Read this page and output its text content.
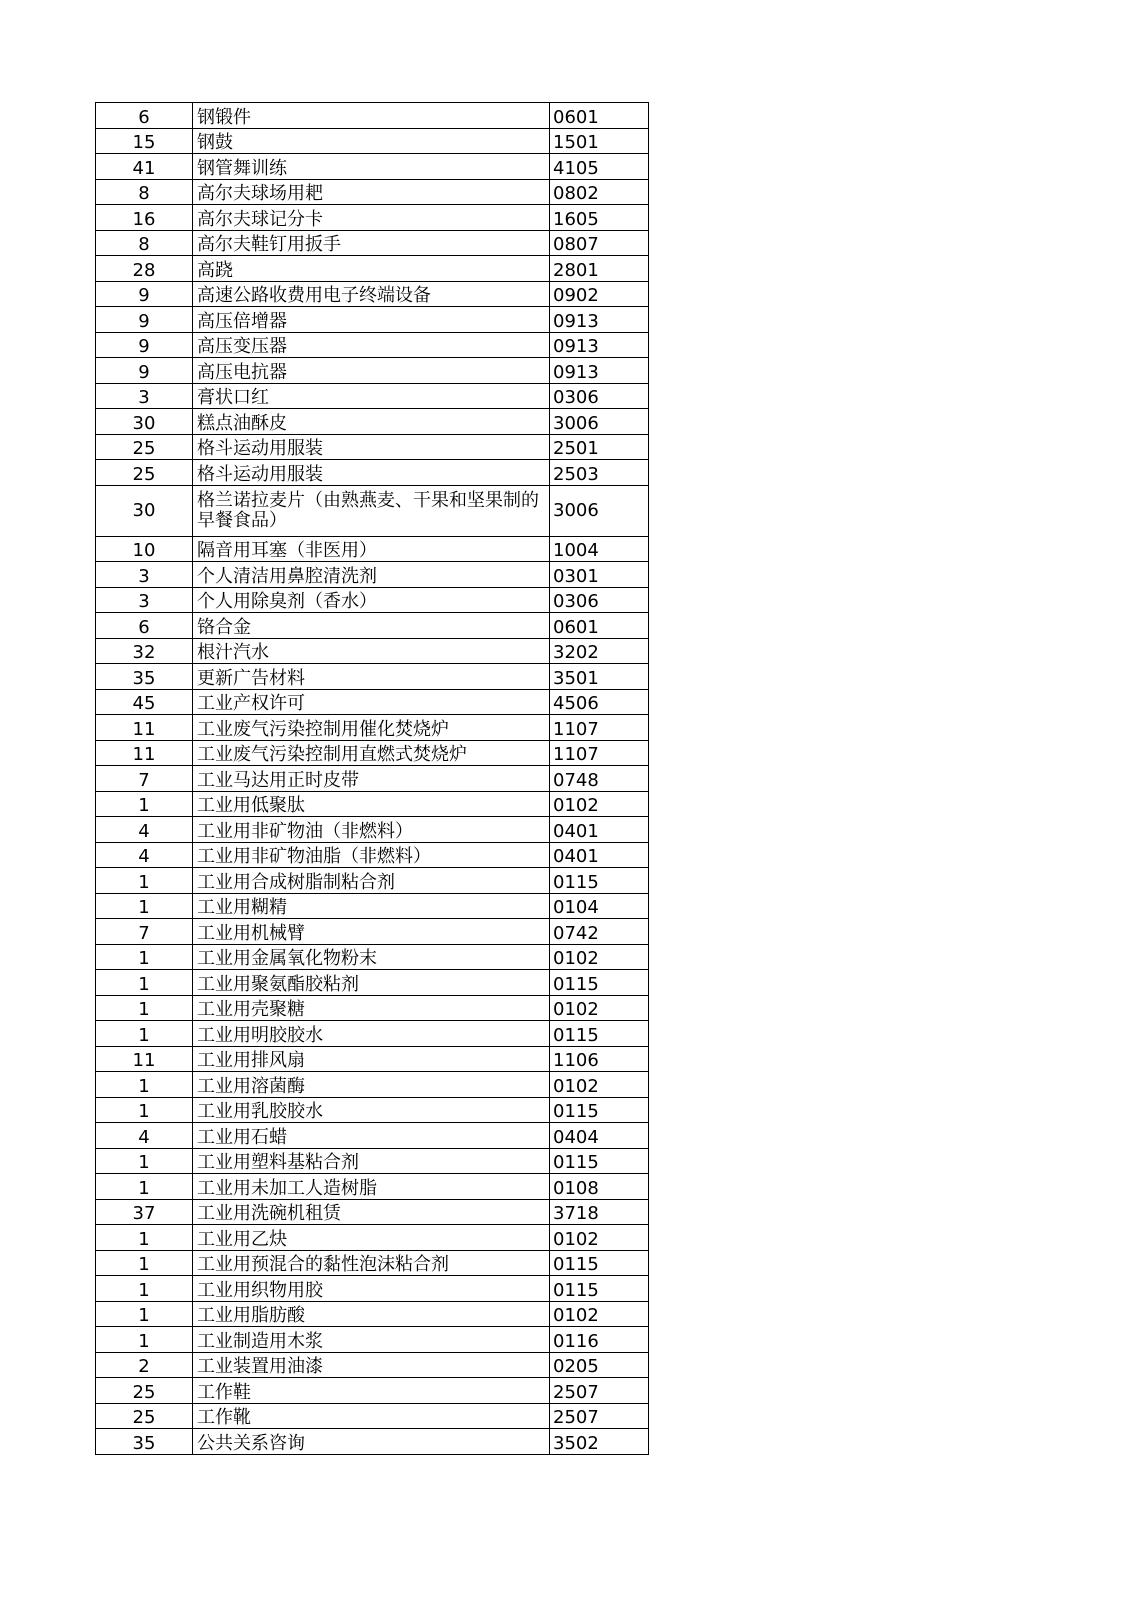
6	钢锻件	0601
15	钢鼓	1501
41	钢管舞训练	4105
8	高尔夫球场用耙	0802
16	高尔夫球记分卡	1605
8	高尔夫鞋钉用扳手	0807
28	高跷	2801
9	高速公路收费用电子终端设备	0902
9	高压倍增器	0913
9	高压变压器	0913
9	高压电抗器	0913
3	膏状口红	0306
30	糕点油酥皮	3006
25	格斗运动用服装	2501
25	格斗运动用服装	2503
30	格兰诺拉麦片（由熟燕麦、干果和坚果制的早餐食品）	3006
10	隔音用耳塞（非医用）	1004
3	个人清洁用鼻腔清洗剂	0301
3	个人用除臭剂（香水）	0306
6	铬合金	0601
32	根汁汽水	3202
35	更新广告材料	3501
45	工业产权许可	4506
11	工业废气污染控制用催化焚烧炉	1107
11	工业废气污染控制用直燃式焚烧炉	1107
7	工业马达用正时皮带	0748
1	工业用低聚肽	0102
4	工业用非矿物油（非燃料）	0401
4	工业用非矿物油脂（非燃料）	0401
1	工业用合成树脂制粘合剂	0115
1	工业用糊精	0104
7	工业用机械臂	0742
1	工业用金属氧化物粉末	0102
1	工业用聚氨酯胶粘剂	0115
1	工业用壳聚糖	0102
1	工业用明胶胶水	0115
11	工业用排风扇	1106
1	工业用溶菌酶	0102
1	工业用乳胶胶水	0115
4	工业用石蜡	0404
1	工业用塑料基粘合剂	0115
1	工业用未加工人造树脂	0108
37	工业用洗碗机租赁	3718
1	工业用乙炔	0102
1	工业用预混合的黏性泡沫粘合剂	0115
1	工业用织物用胶	0115
1	工业用脂肪酸	0102
1	工业制造用木浆	0116
2	工业装置用油漆	0205
25	工作鞋	2507
25	工作靴	2507
35	公共关系咨询	3502
